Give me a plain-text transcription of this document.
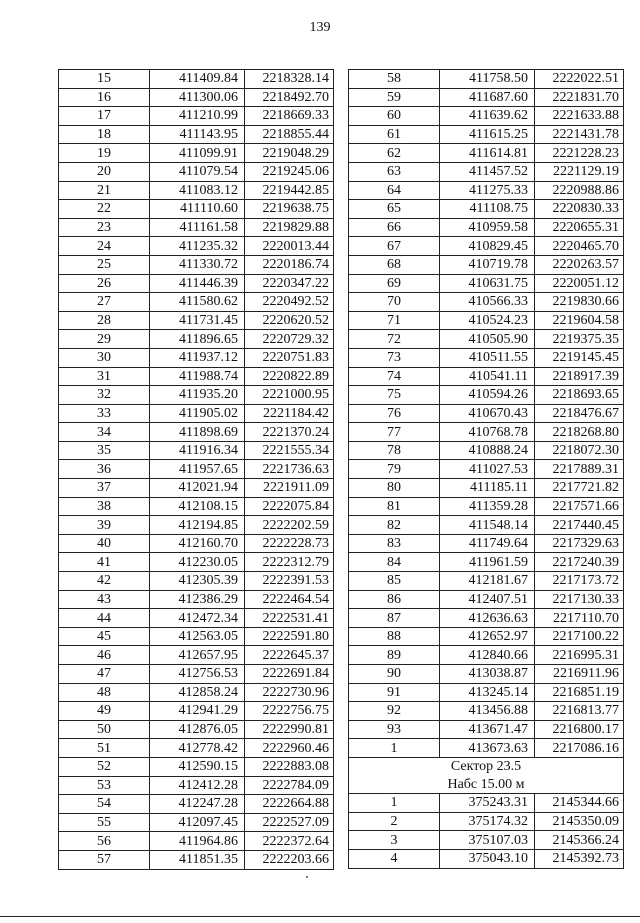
139
15	411409.84	2218328.14
16	411300.06	2218492.70
17	411210.99	2218669.33
18	411143.95	2218855.44
19	411099.91	2219048.29
20	411079.54	2219245.06
21	411083.12	2219442.85
22	411110.60	2219638.75
23	411161.58	2219829.88
24	411235.32	2220013.44
25	411330.72	2220186.74
26	411446.39	2220347.22
27	411580.62	2220492.52
28	411731.45	2220620.52
29	411896.65	2220729.32
30	411937.12	2220751.83
31	411988.74	2220822.89
32	411935.20	2221000.95
33	411905.02	2221184.42
34	411898.69	2221370.24
35	411916.34	2221555.34
36	411957.65	2221736.63
37	412021.94	2221911.09
38	412108.15	2222075.84
39	412194.85	2222202.59
40	412160.70	2222228.73
41	412230.05	2222312.79
42	412305.39	2222391.53
43	412386.29	2222464.54
44	412472.34	2222531.41
45	412563.05	2222591.80
46	412657.95	2222645.37
47	412756.53	2222691.84
48	412858.24	2222730.96
49	412941.29	2222756.75
50	412876.05	2222990.81
51	412778.42	2222960.46
52	412590.15	2222883.08
53	412412.28	2222784.09
54	412247.28	2222664.88
55	412097.45	2222527.09
56	411964.86	2222372.64
57	411851.35	2222203.66
58	411758.50	2222022.51
59	411687.60	2221831.70
60	411639.62	2221633.88
61	411615.25	2221431.78
62	411614.81	2221228.23
63	411457.52	2221129.19
64	411275.33	2220988.86
65	411108.75	2220830.33
66	410959.58	2220655.31
67	410829.45	2220465.70
68	410719.78	2220263.57
69	410631.75	2220051.12
70	410566.33	2219830.66
71	410524.23	2219604.58
72	410505.90	2219375.35
73	410511.55	2219145.45
74	410541.11	2218917.39
75	410594.26	2218693.65
76	410670.43	2218476.67
77	410768.78	2218268.80
78	410888.24	2218072.30
79	411027.53	2217889.31
80	411185.11	2217721.82
81	411359.28	2217571.66
82	411548.14	2217440.45
83	411749.64	2217329.63
84	411961.59	2217240.39
85	412181.67	2217173.72
86	412407.51	2217130.33
87	412636.63	2217110.70
88	412652.97	2217100.22
89	412840.66	2216995.31
90	413038.87	2216911.96
91	413245.14	2216851.19
92	413456.88	2216813.77
93	413671.47	2216800.17
1	413673.63	2217086.16
Сектор 23.5		
Набс 15.00 м		
1	375243.31	2145344.66
2	375174.32	2145350.09
3	375107.03	2145366.24
4	375043.10	2145392.73
